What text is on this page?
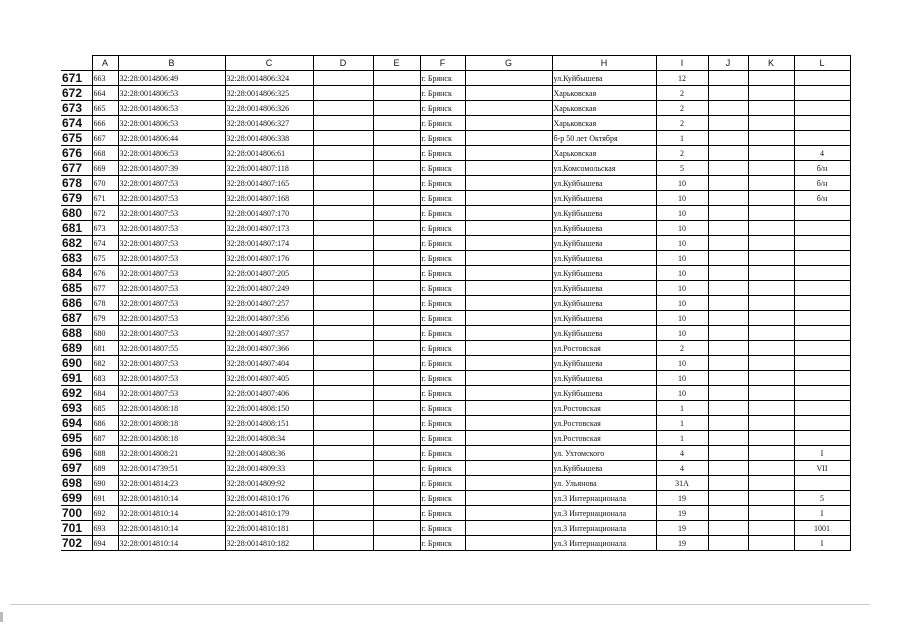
	A	B	C	D	E	F	G	H	I	J	K	L
671	663	32:28:0014806:49	32:28:0014806:324			г. Брянск		ул.Куйбышева	12			
672	664	32:28:0014806:53	32:28:0014806:325			г. Брянск		Харьковская	2			
673	665	32:28:0014806:53	32:28:0014806:326			г. Брянск		Харьковская	2			
674	666	32:28:0014806:53	32:28:0014806:327			г. Брянск		Харьковская	2			
675	667	32:28:0014806:44	32:28:0014806:338			г. Брянск		б-р 50 лет Октября	1			
676	668	32:28:0014806:53	32:28:0014806:61			г. Брянск		Харьковская	2			4
677	669	32:28:0014807:39	32:28:0014807:118			г. Брянск		ул.Комсомольская	5			б/н
678	670	32:28:0014807:53	32:28:0014807:165			г. Брянск		ул.Куйбышева	10			б/н
679	671	32:28:0014807:53	32:28:0014807:168			г. Брянск		ул.Куйбышева	10			б/н
680	672	32:28:0014807:53	32:28:0014807:170			г. Брянск		ул.Куйбышева	10			
681	673	32:28:0014807:53	32:28:0014807:173			г. Брянск		ул.Куйбышева	10			
682	674	32:28:0014807:53	32:28:0014807:174			г. Брянск		ул.Куйбышева	10			
683	675	32:28:0014807:53	32:28:0014807:176			г. Брянск		ул.Куйбышева	10			
684	676	32:28:0014807:53	32:28:0014807:205			г. Брянск		ул.Куйбышева	10			
685	677	32:28:0014807:53	32:28:0014807:249			г. Брянск		ул.Куйбышева	10			
686	678	32:28:0014807:53	32:28:0014807:257			г. Брянск		ул.Куйбышева	10			
687	679	32:28:0014807:53	32:28:0014807:356			г. Брянск		ул.Куйбышева	10			
688	680	32:28:0014807:53	32:28:0014807:357			г. Брянск		ул.Куйбышева	10			
689	681	32:28:0014807:55	32:28:0014807:366			г. Брянск		ул.Ростовская	2			
690	682	32:28:0014807:53	32:28:0014807:404			г. Брянск		ул.Куйбышева	10			
691	683	32:28:0014807:53	32:28:0014807:405			г. Брянск		ул.Куйбышева	10			
692	684	32:28:0014807:53	32:28:0014807:406			г. Брянск		ул.Куйбышева	10			
693	685	32:28:0014808:18	32:28:0014808:150			г. Брянск		ул.Ростовская	1			
694	686	32:28:0014808:18	32:28:0014808:151			г. Брянск		ул.Ростовская	1			
695	687	32:28:0014808:18	32:28:0014808:34			г. Брянск		ул.Ростовская	1			
696	688	32:28:0014808:21	32:28:0014808:36			г. Брянск		ул. Ухтомского	4			I
697	689	32:28:0014739:51	32:28:0014809:33			г. Брянск		ул.Куйбышева	4			VII
698	690	32:28:0014814:23	32:28:0014809:92			г. Брянск		ул. Ульянова	31А			
699	691	32:28:0014810:14	32:28:0014810:176			г. Брянск		ул.3 Интернационала	19			5
700	692	32:28:0014810:14	32:28:0014810:179			г. Брянск		ул.3 Интернационала	19			I
701	693	32:28:0014810:14	32:28:0014810:181			г. Брянск		ул.3 Интернационала	19			1001
702	694	32:28:0014810:14	32:28:0014810:182			г. Брянск		ул.3 Интернационала	19			I
